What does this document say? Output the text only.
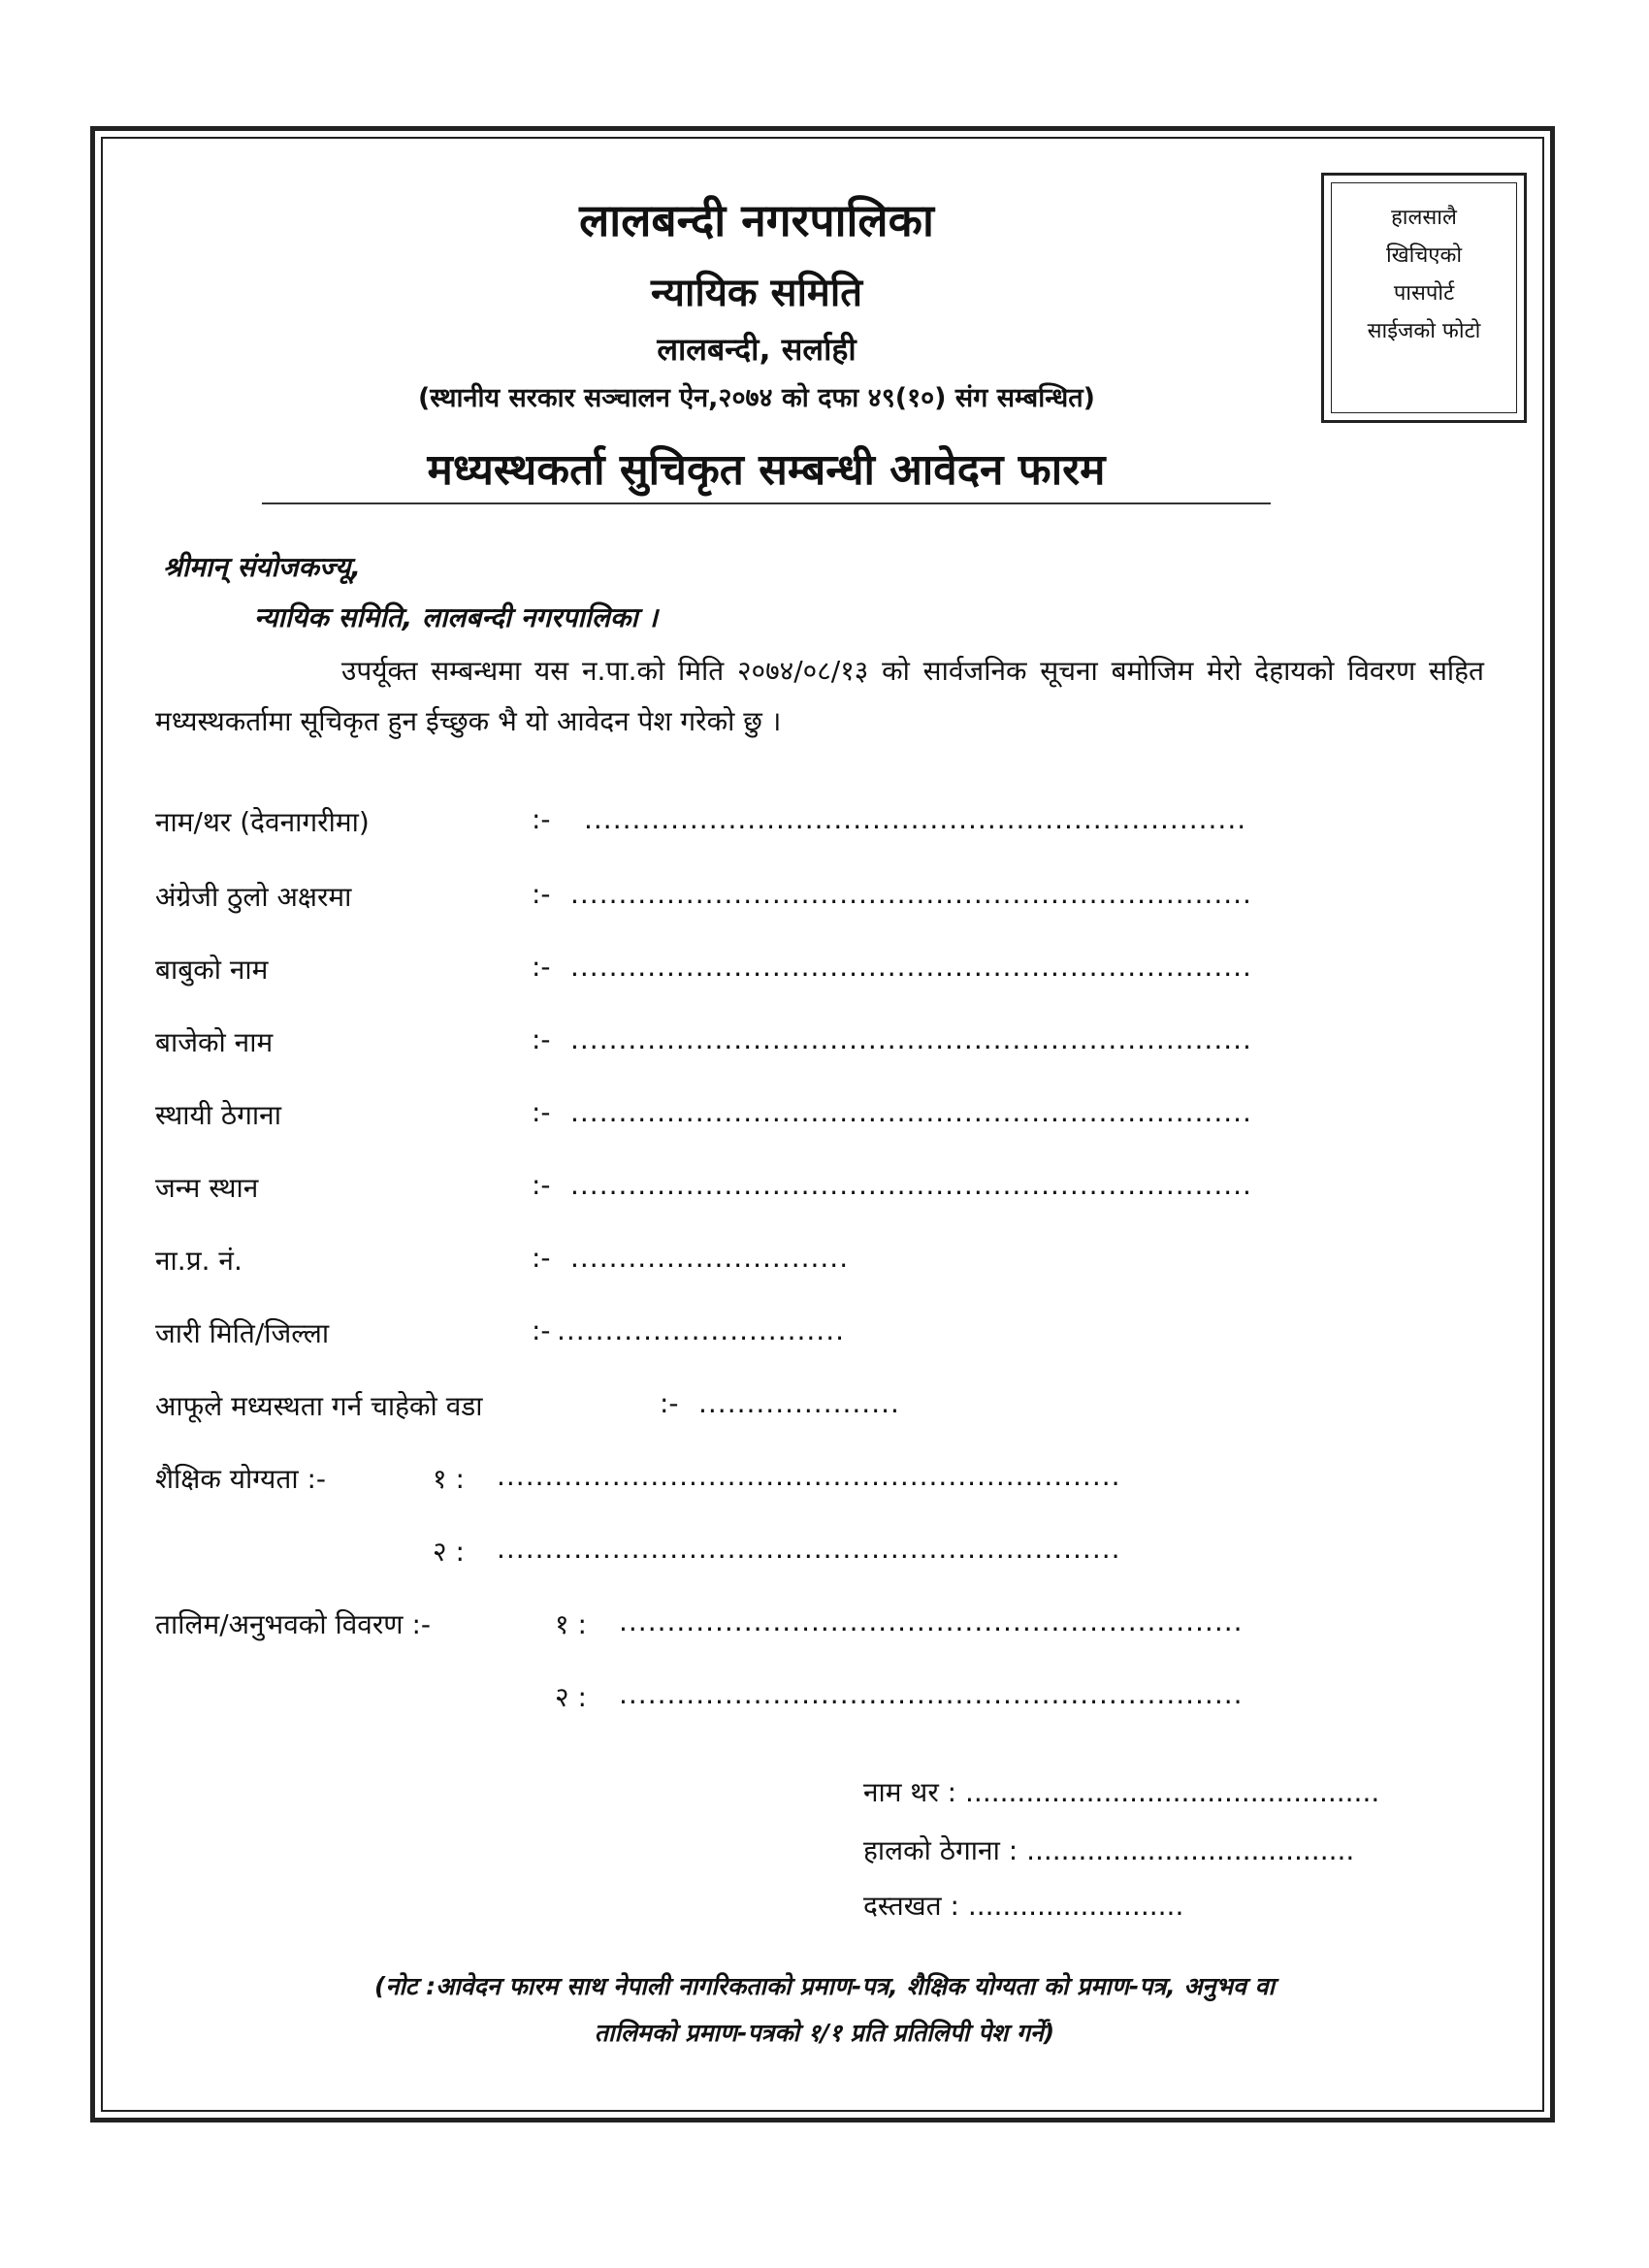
हालसालै
खिचिएको
पासपोर्ट
साईजको फोटो
लालबन्दी नगरपालिका
न्यायिक समिति
लालबन्दी, सर्लाही
(स्थानीय सरकार सञ्चालन ऐन,२०७४ को दफा ४९(१०) संग सम्बन्धित)
मध्यस्थकर्ता सुचिकृत सम्बन्धी आवेदन फारम
श्रीमान् संयोजकज्यू,
न्यायिक समिति, लालबन्दी नगरपालिका ।
उपर्यूक्त सम्बन्धमा यस न.पा.को मिति २०७४/०८/१३ को सार्वजनिक सूचना बमोजिम मेरो देहायको विवरण सहित मध्यस्थकर्तामा सूचिकृत हुन ईच्छुक भै यो आवेदन पेश गरेको छु ।
नाम/थर (देवनागरीमा)	:- .....................................................................
अंग्रेजी ठुलो अक्षरमा	:- .......................................................................
बाबुको नाम	:- .......................................................................
बाजेको नाम	:- .......................................................................
स्थायी ठेगाना	:- .......................................................................
जन्म स्थान	:- .......................................................................
ना.प्र. नं.	:- .............................
जारी मिति/जिल्ला	:- ..............................
आफूले मध्यस्थता गर्न चाहेको वडा	:- .....................
शैक्षिक योग्यता :-	१ : .................................................................
२ : .................................................................
तालिम/अनुभवको विवरण :-	१ : .................................................................
२ : .................................................................
नाम थर : ................................................
हालको ठेगाना : ......................................
दस्तखत : .........................
(नोट :आवेदन फारम साथ नेपाली नागरिकताको प्रमाण-पत्र, शैक्षिक योग्यता को प्रमाण-पत्र, अनुभव वा
तालिमको प्रमाण-पत्रको १/१ प्रति प्रतिलिपी पेश गर्ने)
